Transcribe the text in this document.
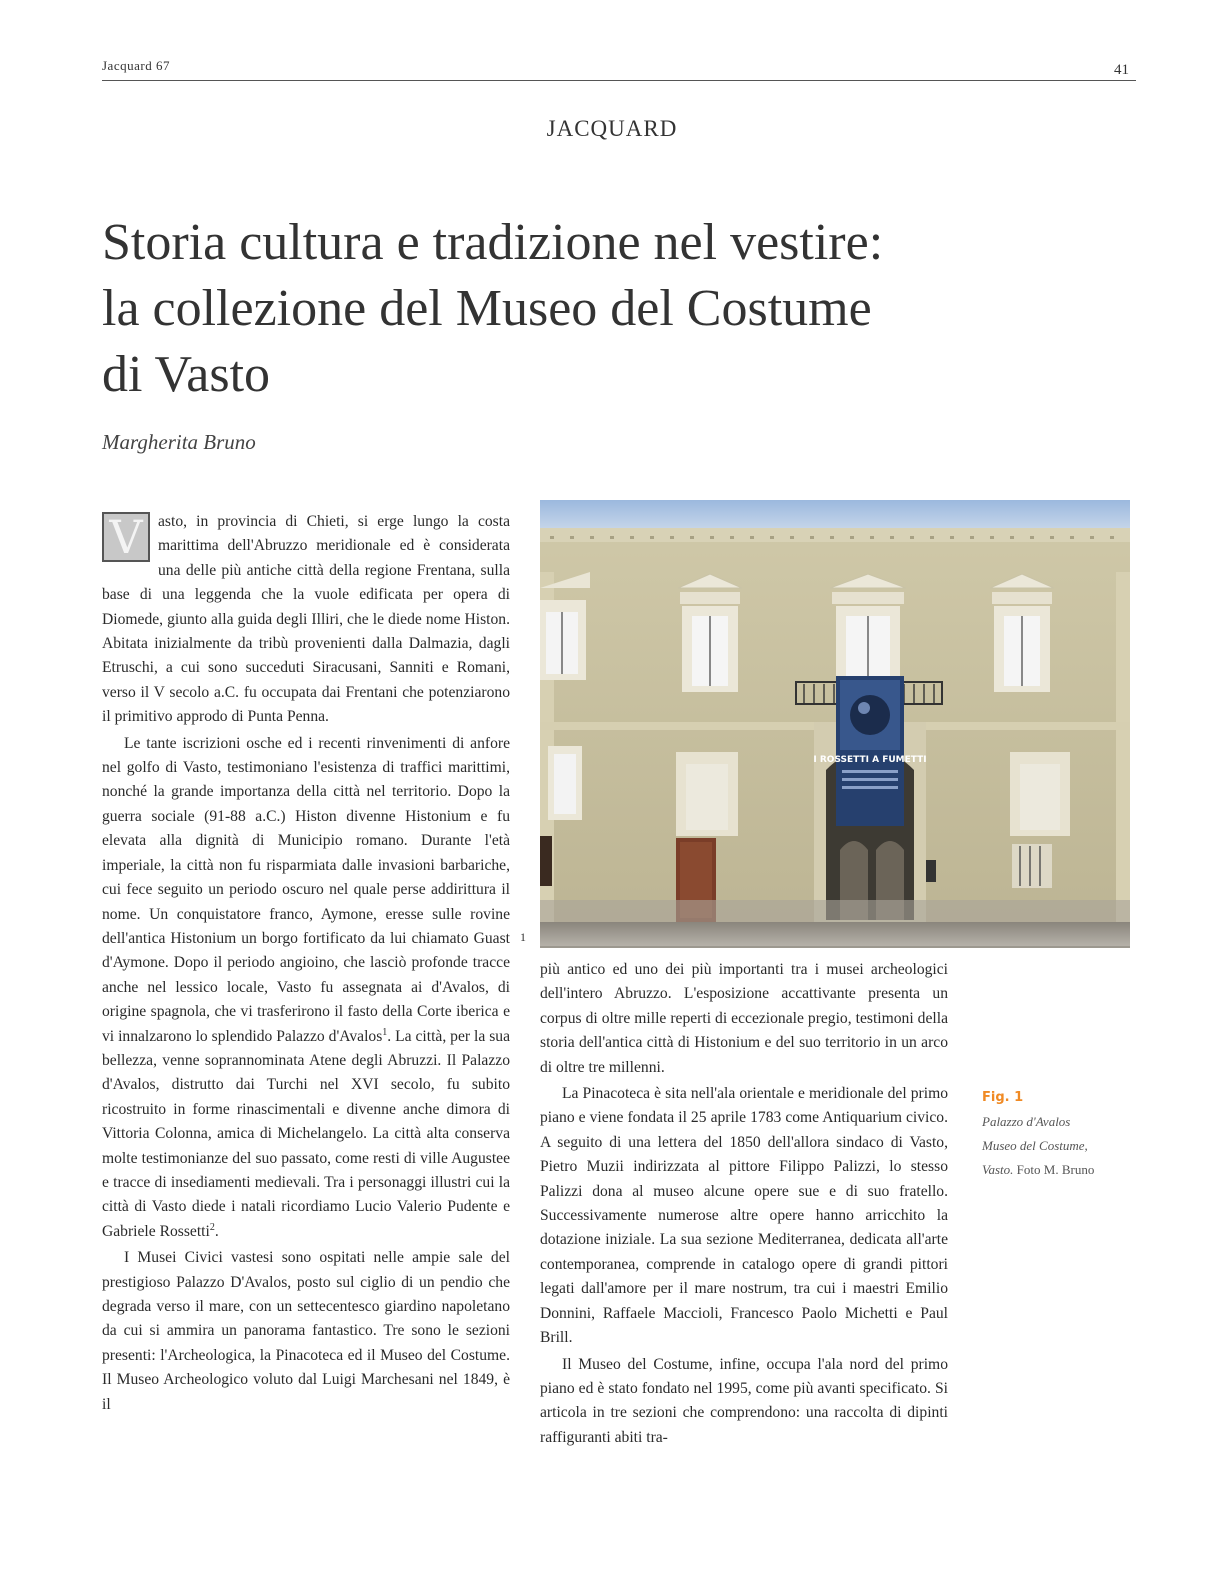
Jacquard 67	41
JACQUARD
Storia cultura e tradizione nel vestire:
la collezione del Museo del Costume
di Vasto
Margherita Bruno

V asto, in provincia di Chieti, si erge lungo la costa marittima dell'Abruzzo meridionale ed è considerata una delle più antiche città della regione Frentana, sulla base di una leggenda che la vuole edificata per opera di Diomede, giunto alla guida degli Illiri, che le diede nome Histon. Abitata inizialmente da tribù provenienti dalla Dalmazia, dagli Etruschi, a cui sono succeduti Siracusani, Sanniti e Romani, verso il V secolo a.C. fu occupata dai Frentani che potenziarono il primitivo approdo di Punta Penna.

Le tante iscrizioni osche ed i recenti rinvenimenti di anfore nel golfo di Vasto, testimoniano l'esistenza di traffici marittimi, nonché la grande importanza della città nel territorio. Dopo la guerra sociale (91-88 a.C.) Histon divenne Histonium e fu elevata alla dignità di Municipio romano. Durante l'età imperiale, la città non fu risparmiata dalle invasioni barbariche, cui fece seguito un periodo oscuro nel quale perse addirittura il nome. Un conquistatore franco, Aymone, eresse sulle rovine dell'antica Histonium un borgo fortificato da lui chiamato Guast d'Aymone. Dopo il periodo angioino, che lasciò profonde tracce anche nel lessico locale, Vasto fu assegnata ai d'Avalos, di origine spagnola, che vi trasferirono il fasto della Corte iberica e vi innalzarono lo splendido Palazzo d'Avalos$^1$. La città, per la sua bellezza, venne soprannominata Atene degli Abruzzi. Il Palazzo d'Avalos, distrutto dai Turchi nel XVI secolo, fu subito ricostruito in forme rinascimentali e divenne anche dimora di Vittoria Colonna, amica di Michelangelo. La città alta conserva molte testimonianze del suo passato, come resti di ville Augustee e tracce di insediamenti medievali. Tra i personaggi illustri cui la città di Vasto diede i natali ricordiamo Lucio Valerio Pudente e Gabriele Rossetti$^2$.

I Musei Civici vastesi sono ospitati nelle ampie sale del prestigioso Palazzo D'Avalos, posto sul ciglio di un pendio che degrada verso il mare, con un settecentesco giardino napoletano da cui si ammira un panorama fantastico. Tre sono le sezioni presenti: l'Archeologica, la Pinacoteca ed il Museo del Costume. Il Museo Archeologico voluto dal Luigi Marchesani nel 1849, è il

I ROSSETTI A FUMETTI
1

più antico ed uno dei più importanti tra i musei archeologici dell'intero Abruzzo. L'esposizione accattivante presenta un corpus di oltre mille reperti di eccezionale pregio, testimoni della storia dell'antica città di Histonium e del suo territorio in un arco di oltre tre millenni.

La Pinacoteca è sita nell'ala orientale e meridionale del primo piano e viene fondata il 25 aprile 1783 come Antiquarium civico. A seguito di una lettera del 1850 dell'allora sindaco di Vasto, Pietro Muzii indirizzata al pittore Filippo Palizzi, lo stesso Palizzi dona al museo alcune opere sue e di suo fratello. Successivamente numerose altre opere hanno arricchito la dotazione iniziale. La sua sezione Mediterranea, dedicata all'arte contemporanea, comprende in catalogo opere di grandi pittori legati dall'amore per il mare nostrum, tra cui i maestri Emilio Donnini, Raffaele Maccioli, Francesco Paolo Michetti e Paul Brill.

Il Museo del Costume, infine, occupa l'ala nord del primo piano ed è stato fondato nel 1995, come più avanti specificato. Si articola in tre sezioni che comprendono: una raccolta di dipinti raffiguranti abiti tra-

Fig. 1
Palazzo d'Avalos
Museo del Costume,
Vasto. Foto M. Bruno
